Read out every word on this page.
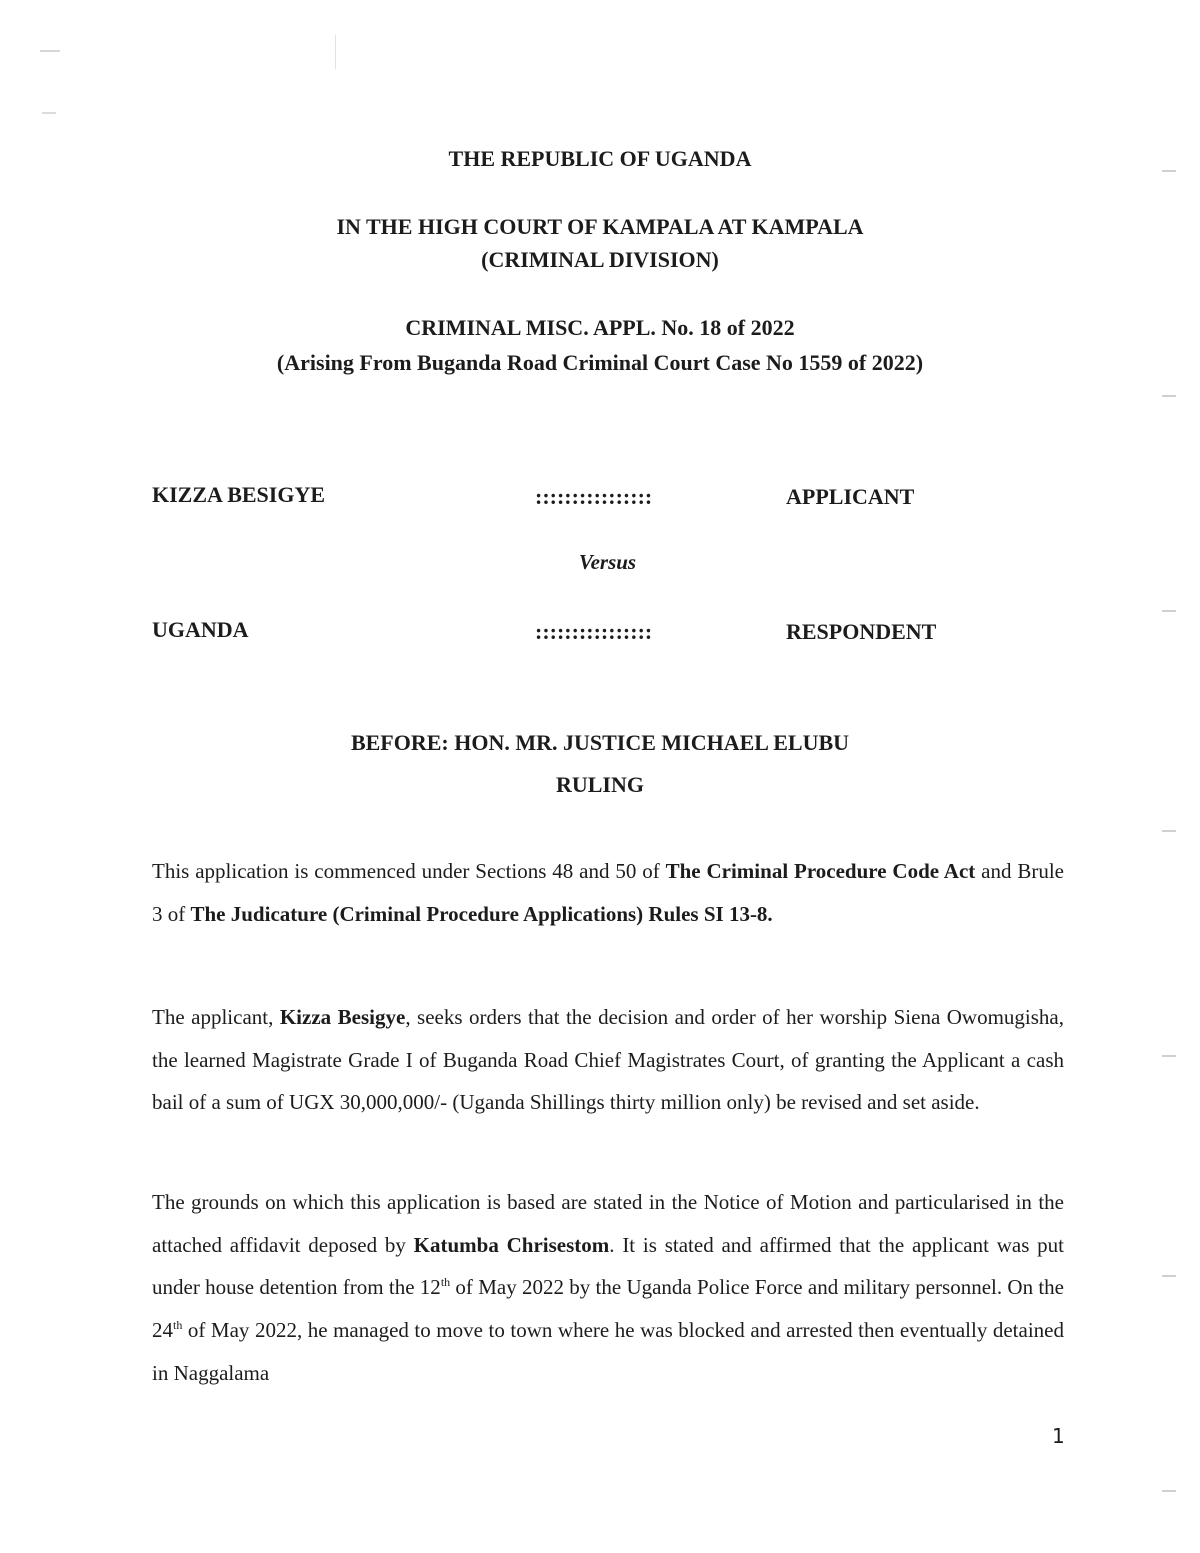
THE REPUBLIC OF UGANDA
IN THE HIGH COURT OF KAMPALA AT KAMPALA
(CRIMINAL DIVISION)
CRIMINAL MISC. APPL. No. 18 of 2022
(Arising From Buganda Road Criminal Court Case No 1559 of 2022)
KIZZA BESIGYE	::::::::::::::::	APPLICANT
Versus
UGANDA	::::::::::::::::	RESPONDENT
BEFORE: HON. MR. JUSTICE MICHAEL ELUBU
RULING

This application is commenced under Sections 48 and 50 of The Criminal Procedure Code Act and Brule 3 of The Judicature (Criminal Procedure Applications) Rules SI 13-8.

The applicant, Kizza Besigye, seeks orders that the decision and order of her worship Siena Owomugisha, the learned Magistrate Grade I of Buganda Road Chief Magistrates Court, of granting the Applicant a cash bail of a sum of UGX 30,000,000/- (Uganda Shillings thirty million only) be revised and set aside.

The grounds on which this application is based are stated in the Notice of Motion and particularised in the attached affidavit deposed by Katumba Chrisestom. It is stated and affirmed that the applicant was put under house detention from the 12th of May 2022 by the Uganda Police Force and military personnel. On the 24th of May 2022, he managed to move to town where he was blocked and arrested then eventually detained in Naggalama

1
